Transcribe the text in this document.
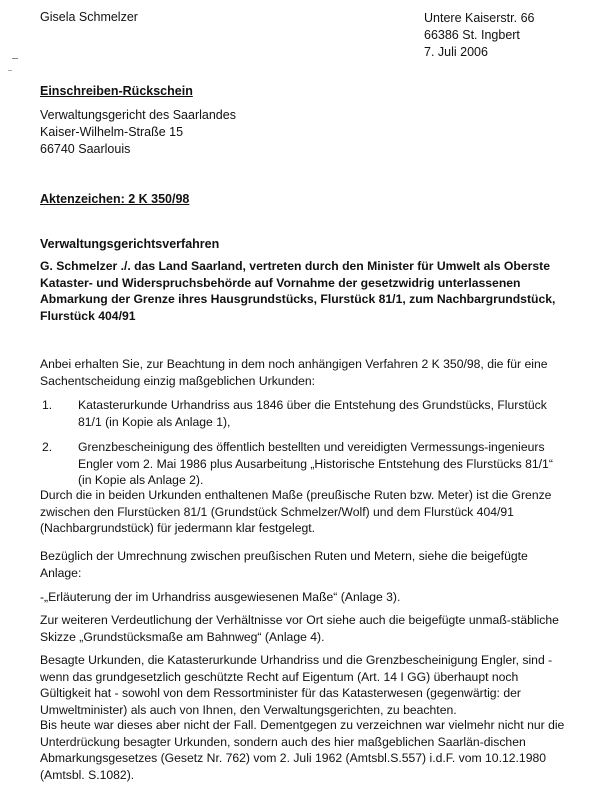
Gisela Schmelzer	Untere Kaiserstr. 66
66386 St. Ingbert
7. Juli 2006
Einschreiben-Rückschein
Verwaltungsgericht des Saarlandes
Kaiser-Wilhelm-Straße 15
66740 Saarlouis
Aktenzeichen: 2 K 350/98
Verwaltungsgerichtsverfahren
G. Schmelzer ./. das Land Saarland, vertreten durch den Minister für Umwelt als Oberste Kataster- und Widerspruchsbehörde auf Vornahme der gesetzwidrig unterlassenen Abmarkung der Grenze ihres Hausgrundstücks, Flurstück 81/1, zum Nachbargrundstück, Flurstück 404/91
Anbei erhalten Sie, zur Beachtung in dem noch anhängigen Verfahren 2 K 350/98, die für eine Sachentscheidung einzig maßgeblichen Urkunden:
1.	Katasterurkunde Urhandriss aus 1846 über die Entstehung des Grundstücks, Flurstück 81/1 (in Kopie als Anlage 1),
2.	Grenzbescheinigung des öffentlich bestellten und vereidigten Vermessungs-ingenieurs Engler vom 2. Mai 1986 plus Ausarbeitung „Historische Entstehung des Flurstücks 81/1“ (in Kopie als Anlage 2).
Durch die in beiden Urkunden enthaltenen Maße (preußische Ruten bzw. Meter) ist die Grenze zwischen den Flurstücken 81/1 (Grundstück Schmelzer/Wolf) und dem Flurstück 404/91 (Nachbargrundstück) für jedermann klar festgelegt.
Bezüglich der Umrechnung zwischen preußischen Ruten und Metern, siehe die beigefügte Anlage:
-„Erläuterung der im Urhandriss ausgewiesenen Maße“ (Anlage 3).
Zur weiteren Verdeutlichung der Verhältnisse vor Ort siehe auch die beigefügte unmaß-stäbliche Skizze „Grundstücksmaße am Bahnweg“ (Anlage 4).
Besagte Urkunden, die Katasterurkunde Urhandriss und die Grenzbescheinigung Engler, sind - wenn das grundgesetzlich geschützte Recht auf Eigentum (Art. 14 I GG) überhaupt noch Gültigkeit hat - sowohl von dem Ressortminister für das Katasterwesen (gegenwärtig: der Umweltminister) als auch von Ihnen, den Verwaltungsgerichten, zu beachten.
Bis heute war dieses aber nicht der Fall. Dementgegen zu verzeichnen war vielmehr nicht nur die Unterdrückung besagter Urkunden, sondern auch des hier maßgeblichen Saarlän-dischen Abmarkungsgesetzes (Gesetz Nr. 762) vom 2. Juli 1962 (Amtsbl.S.557) i.d.F. vom 10.12.1980 (Amtsbl. S.1082).
